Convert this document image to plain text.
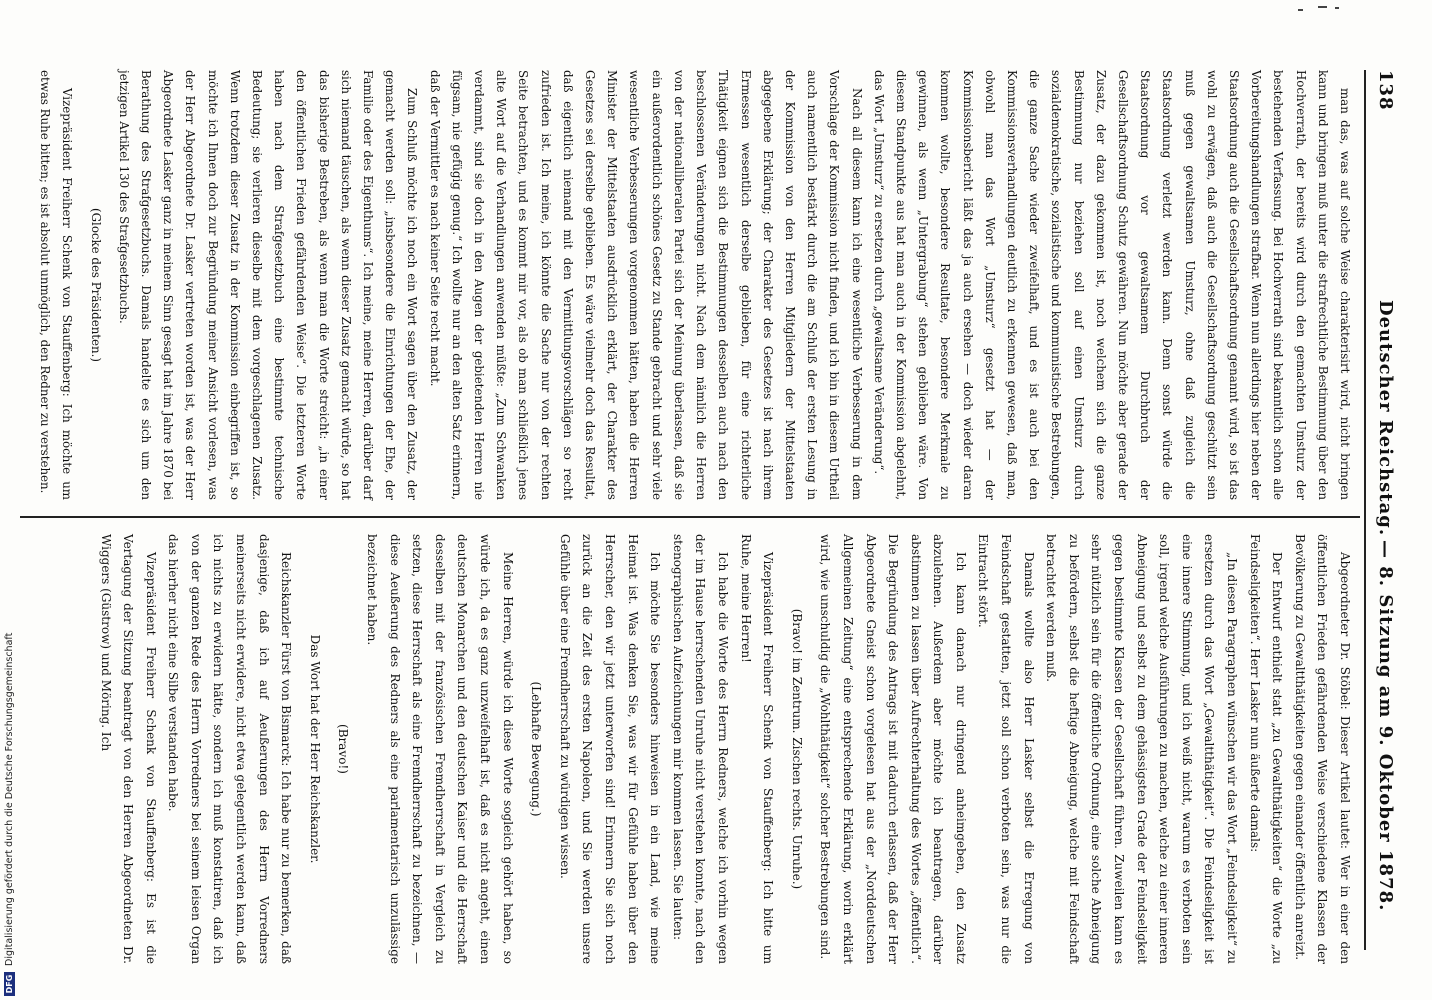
138
Deutscher Reichstag.
— 8. Sitzung am 9. Oktober 1878.

man das, was auf solche Weise charakterisirt wird, nicht bringen kann und bringen muß unter die strafrechtliche Bestimmung über den Hochverrath, der bereits wird durch den gemachten Umsturz der bestehenden Verfassung. Bei Hochverrath sind bekanntlich schon alle Vorbereitungshandlungen strafbar. Wenn nun allerdings hier neben der Staatsordnung auch die Gesellschaftsordnung genannt wird, so ist das wohl zu erwägen, daß auch die Gesellschaftsordnung geschützt sein muß gegen gewaltsamen Umsturz, ohne daß zugleich die Staatsordnung verletzt werden kann. Denn sonst würde die Staatsordnung vor gewaltsamem Durchbruch der Gesellschaftsordnung Schutz gewähren. Nun möchte aber gerade der Zusatz, der dazu gekommen ist, noch welchem sich die ganze Bestimmung nur beziehen soll auf einen Umsturz durch sozialdemokratische, sozialistische und kommunistische Bestrebungen, die ganze Sache wieder zweifelhaft, und es ist auch bei den Kommissionsverhandlungen deutlich zu erkennen gewesen, daß man, obwohl man das Wort „Umsturz“ gesetzt hat — der Kommissionsbericht läßt das ja auch ersehen — doch wieder daran kommen wollte, besondere Resultate, besondere Merkmale zu gewinnen, als wenn „Untergrabung“ stehen geblieben wäre. Von diesem Standpunkte aus hat man auch in der Kommission abgelehnt, das Wort „Umsturz“ zu ersetzen durch „gewaltsame Veränderung“.

Nach all diesem kann ich eine wesentliche Verbesserung in dem Vorschlage der Kommission nicht finden, und ich bin in diesem Urtheil auch namentlich bestärkt durch die am Schluß der ersten Lesung in der Kommission von den Herren Mitgliedern der Mittelstaaten abgegebene Erklärung; der Charakter des Gesetzes ist nach ihrem Ermessen wesentlich derselbe geblieben, für eine richterliche Thätigkeit eignen sich die Bestimmungen desselben auch nach den beschlossenen Veränderungen nicht. Nach dem nämlich die Herren von der nationalliberalen Partei sich der Meinung überlassen, daß sie ein außerordentlich schönes Gesetz zu Stande gebracht und sehr viele wesentliche Verbesserungen vorgenommen hätten, haben die Herren Minister der Mittelstaaten ausdrücklich erklärt, der Charakter des Gesetzes sei derselbe geblieben. Es wäre vielmehr doch das Resultat, daß eigentlich niemand mit den Vermittlungsvorschlägen so recht zufrieden ist. Ich meine, ich könnte die Sache nur von der rechten Seite betrachten, und es kommt mir vor, als ob man schließlich jenes alte Wort auf die Verhandlungen anwenden müßte: „Zum Schwanken verdammt, sind sie doch in den Augen der gebietenden Herren nie fügsam, nie gefügig genug.“ Ich wollte nur an den alten Satz erinnern, daß der Vermittler es nach keiner Seite recht macht.

Zum Schluß möchte ich noch ein Wort sagen über den Zusatz, der gemacht werden soll: „insbesondere die Einrichtungen der Ehe, der Familie oder des Eigenthums“. Ich meine, meine Herren, darüber darf sich niemand täuschen, als wenn dieser Zusatz gemacht würde, so hat das bisherige Bestreben, als wenn man die Worte streicht: „in einer den öffentlichen Frieden gefährdenden Weise“. Die letzteren Worte haben nach dem Strafgesetzbuch eine bestimmte technische Bedeutung; sie verlieren dieselbe mit dem vorgeschlagenen Zusatz. Wenn trotzdem dieser Zusatz in der Kommission einbegriffen ist, so möchte ich Ihnen doch zur Begründung meiner Ansicht vorlesen, was der Herr Abgeordnete Dr. Lasker vertreten worden ist, was der Herr Abgeordnete Lasker ganz in meinem Sinn gesagt hat im Jahre 1870 bei Berathung des Strafgesetzbuchs. Damals handelte es sich um den jetzigen Artikel 130 des Strafgesetzbuchs.

(Glocke des Präsidenten.)

Vizepräsident Freiherr Schenk von Stauffenberg: Ich möchte um etwas Ruhe bitten; es ist absolut unmöglich, den Redner zu verstehen.

Abgeordneter Dr. Stöbel: Dieser Artikel lautet: Wer in einer den öffentlichen Frieden gefährdenden Weise verschiedene Klassen der Bevölkerung zu Gewaltthätigkeiten gegen einander öffentlich anreizt.

Der Entwurf enthielt statt „zu Gewaltthätigkeiten“ die Worte „zu Feindseligkeiten“. Herr Lasker nun äußerte damals:

„In diesen Paragraphen wünschen wir das Wort „Feindseligkeit“ zu ersetzen durch das Wort „Gewaltthätigkeit“. Die Feindseligkeit ist eine innere Stimmung, und ich weiß nicht, warum es verboten sein soll, irgend welche Ausführungen zu machen, welche zu einer inneren Abneigung und selbst zu dem gehässigsten Grade der Feindseligkeit gegen bestimmte Klassen der Gesellschaft führen. Zuweilen kann es sehr nützlich sein für die öffentliche Ordnung, eine solche Abneigung zu befördern, selbst die heftige Abneigung, welche mit Feindschaft betrachtet werden muß.

Damals wollte also Herr Lasker selbst die Erregung von Feindschaft gestatten, jetzt soll schon verboten sein, was nur die Eintracht stört.

Ich kann danach nur dringend anheimgeben, den Zusatz abzulehnen. Außerdem aber möchte ich beantragen, darüber abstimmen zu lassen über Aufrechterhaltung des Wortes „öffentlich“. Die Begründung des Antrags ist mit dadurch erlassen, daß der Herr Abgeordnete Gneist schon vorgelesen hat aus der „Norddeutschen Allgemeinen Zeitung“ eine entsprechende Erklärung, worin erklärt wird, wie unschuldig die „Wohlthätigkeit“ solcher Bestrebungen sind.

(Bravo! im Zentrum. Zischen rechts. Unruhe.)

Vizepräsident Freiherr Schenk von Stauffenberg: Ich bitte um Ruhe, meine Herren!

Ich habe die Worte des Herrn Redners, welche ich vorhin wegen der im Hause herrschenden Unruhe nicht verstehen konnte, nach den stenographischen Aufzeichnungen mir kommen lassen. Sie lauten:

Ich möchte Sie besonders hinweisen in ein Land, wie meine Heimat ist. Was denken Sie, was wir für Gefühle haben über den Herrscher, den wir jetzt unterworfen sind! Erinnern Sie sich noch zurück an die Zeit des ersten Napoleon, und Sie werden unsere Gefühle über eine Fremdherrschaft zu würdigen wissen.

(Lebhafte Bewegung.)

Meine Herren, würde ich diese Worte sogleich gehört haben, so würde ich, da es ganz unzweifelhaft ist, daß es nicht angeht, einen deutschen Monarchen und den deutschen Kaiser und die Herrschaft desselben mit der französischen Fremdherrschaft in Vergleich zu setzen, diese Herrschaft als eine Fremdherrschaft zu bezeichnen, — diese Aeußerung des Redners als eine parlamentarisch unzulässige bezeichnet haben.

(Bravo!)

Das Wort hat der Herr Reichskanzler.

Reichskanzler Fürst von Bismarck: Ich habe nur zu bemerken, daß dasjenige, daß ich auf Aeußerungen des Herrn Vorredners meinerseits nicht erwidere, nicht etwa gelegentlich werden kann, daß ich nichts zu erwidern hätte, sondern ich muß konstatiren, daß ich von der ganzen Rede des Herrn Vorredners bei seinem leisen Organ das hierher nicht eine Silbe verstanden habe.

Vizepräsident Freiherr Schenk von Stauffenberg: Es ist die Vertagung der Sitzung beantragt von den Herren Abgeordneten Dr. Wiggers (Güstrow) und Möring. Ich

DFG
Digitalisierung gefördert durch die Deutsche Forschungsgemeinschaft
